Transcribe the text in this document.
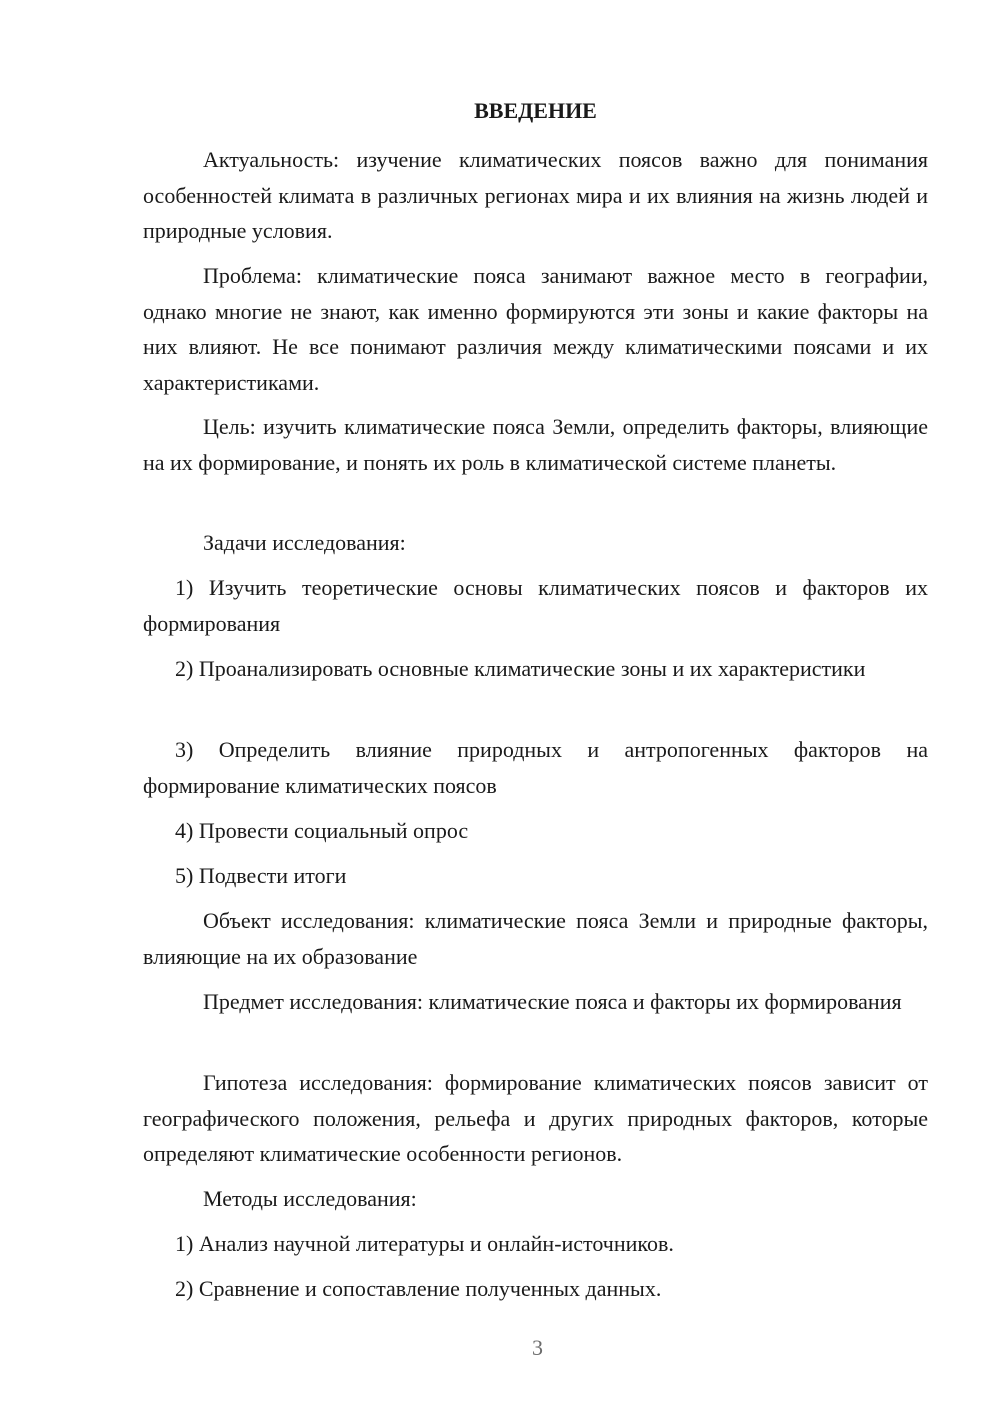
ВВЕДЕНИЕ

Актуальность: изучение климатических поясов важно для понимания особенностей климата в различных регионах мира и их влияния на жизнь людей и природные условия.

Проблема: климатические пояса занимают важное место в географии, однако многие не знают, как именно формируются эти зоны и какие факторы на них влияют. Не все понимают различия между климатическими поясами и их характеристиками.

Цель: изучить климатические пояса Земли, определить факторы, влияющие на их формирование, и понять их роль в климатической системе планеты.

Задачи исследования:

1) Изучить теоретические основы климатических поясов и факторов их формирования

2) Проанализировать основные климатические зоны и их характеристики

3) Определить влияние природных и антропогенных факторов на формирование климатических поясов

4) Провести социальный опрос

5) Подвести итоги

Объект исследования: климатические пояса Земли и природные факторы, влияющие на их образование

Предмет исследования: климатические пояса и факторы их формирования

Гипотеза исследования: формирование климатических поясов зависит от географического положения, рельефа и других природных факторов, которые определяют климатические особенности регионов.

Методы исследования:

1) Анализ научной литературы и онлайн-источников.

2) Сравнение и сопоставление полученных данных.

3
